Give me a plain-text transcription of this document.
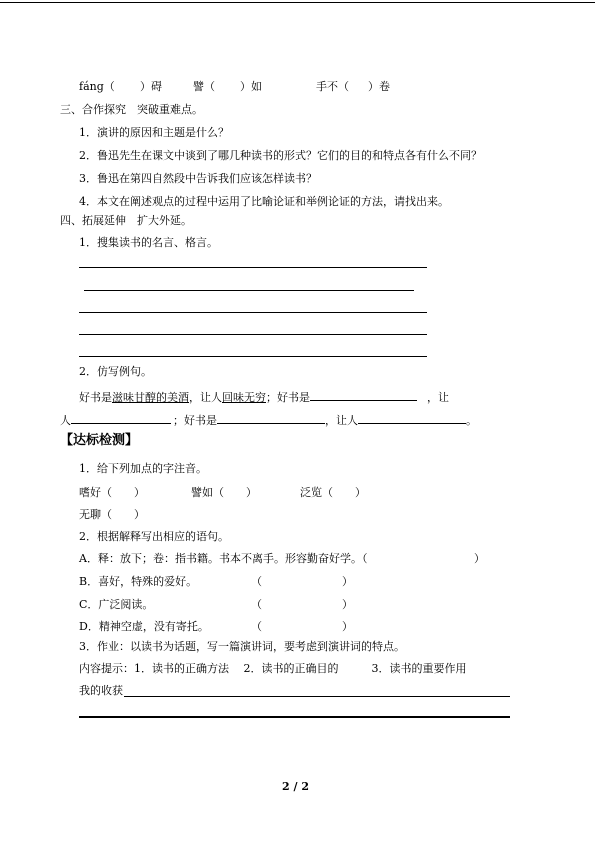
fáng（ ）碍	譬（ ）如	手不（ ）卷
三、合作探究　突破重难点。
1．演讲的原因和主题是什么？
2．鲁迅先生在课文中谈到了哪几种读书的形式？它们的目的和特点各有什么不同？
3．鲁迅在第四自然段中告诉我们应该怎样读书？
4．本文在阐述观点的过程中运用了比喻论证和举例论证的方法，请找出来。
四、拓展延伸　扩大外延。
1．搜集读书的名言、格言。
2．仿写例句。
好书是滋味甘醇的美酒，让人回味无穷；好书是	，让
人	；好书是	，让人	。
【达标检测】
1．给下列加点的字注音。
嗜好（　　）	譬如（　　）	泛览（　　）
无聊（　　）
2．根据解释写出相应的语句。
A．释：放下；卷：指书籍。书本不离手。形容勤奋好学。（	）
B．喜好，特殊的爱好。	（	）
C．广泛阅读。	（	）
D．精神空虚，没有寄托。	（	）
3．作业：以读书为话题，写一篇演讲词，要考虑到演讲词的特点。
内容提示：1．读书的正确方法　 2．读书的正确目的　　　3．读书的重要作用
我的收获
2 / 2
